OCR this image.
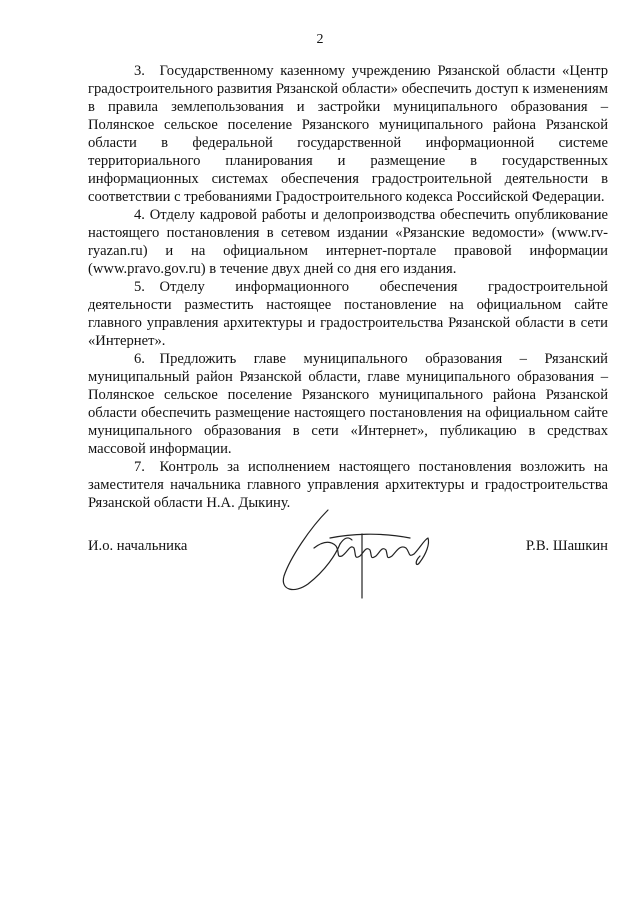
2

3. Государственному казенному учреждению Рязанской области «Центр градостроительного развития Рязанской области» обеспечить доступ к изменениям в правила землепользования и застройки муниципального образования – Полянское сельское поселение Рязанского муниципального района Рязанской области в федеральной государственной информационной системе территориального планирования и размещение в государственных информационных системах обеспечения градостроительной деятельности в соответствии с требованиями Градостроительного кодекса Российской Федерации.

4. Отделу кадровой работы и делопроизводства обеспечить опубликование настоящего постановления в сетевом издании «Рязанские ведомости» (www.rv-ryazan.ru) и на официальном интернет-портале правовой информации (www.pravo.gov.ru) в течение двух дней со дня его издания.

5. Отделу информационного обеспечения градостроительной деятельности разместить настоящее постановление на официальном сайте главного управления архитектуры и градостроительства Рязанской области в сети «Интернет».

6. Предложить главе муниципального образования – Рязанский муниципальный район Рязанской области, главе муниципального образования – Полянское сельское поселение Рязанского муниципального района Рязанской области обеспечить размещение настоящего постановления на официальном сайте муниципального образования в сети «Интернет», публикацию в средствах массовой информации.

7. Контроль за исполнением настоящего постановления возложить на заместителя начальника главного управления архитектуры и градостроительства Рязанской области Н.А. Дыкину.

И.о. начальника	Р.В. Шашкин
